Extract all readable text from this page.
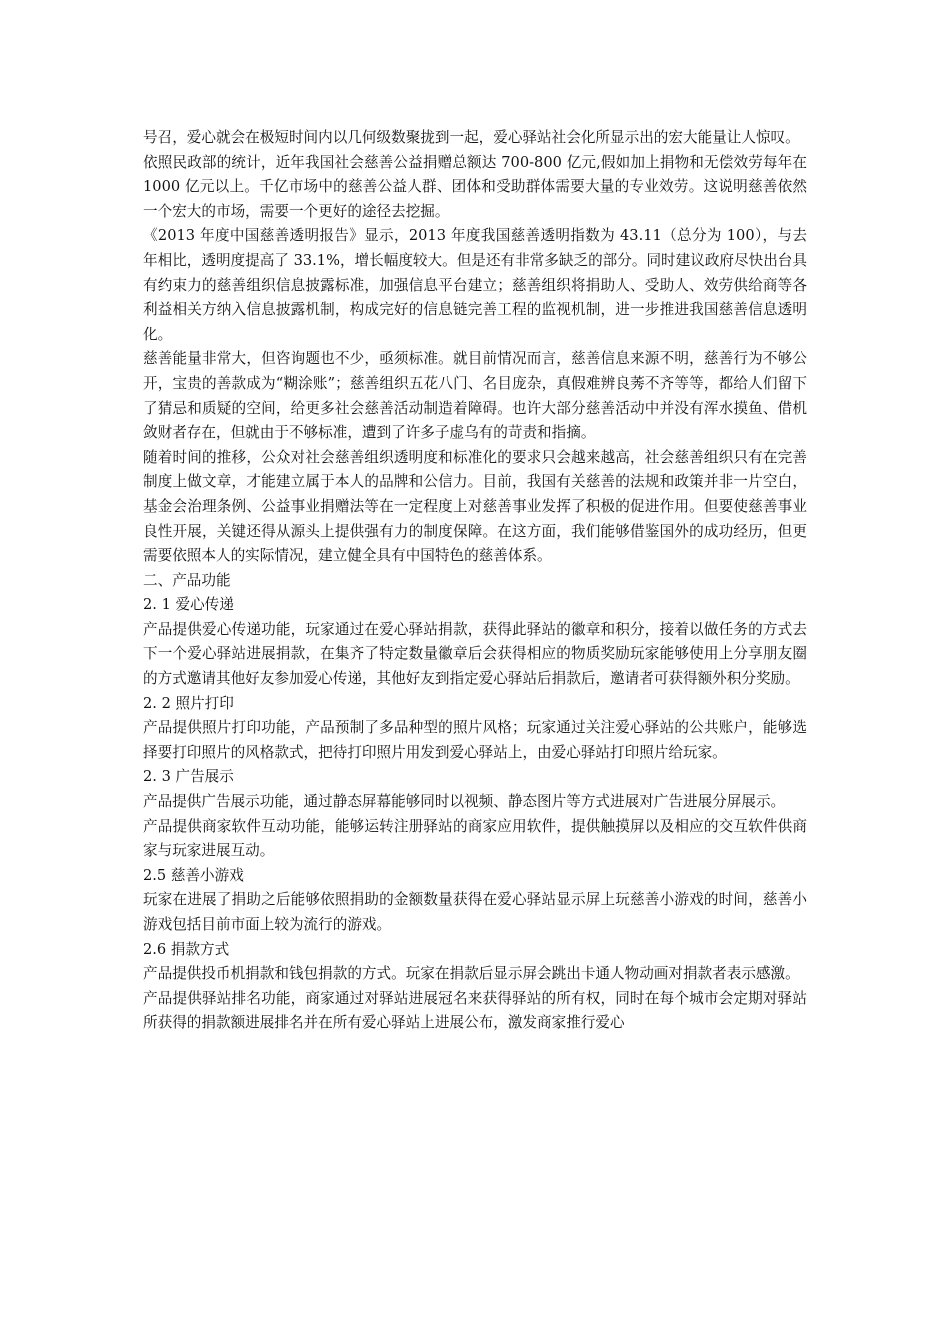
号召，爱心就会在极短时间内以几何级数聚拢到一起，爱心驿站社会化所显示出的宏大能量让人惊叹。

依照民政部的统计，近年我国社会慈善公益捐赠总额达 700-800 亿元,假如加上捐物和无偿效劳每年在 1000 亿元以上。千亿市场中的慈善公益人群、团体和受助群体需要大量的专业效劳。这说明慈善依然一个宏大的市场，需要一个更好的途径去挖掘。

《2013 年度中国慈善透明报告》显示，2013 年度我国慈善透明指数为 43.11（总分为 100），与去年相比，透明度提高了 33.1%，增长幅度较大。但是还有非常多缺乏的部分。同时建议政府尽快出台具有约束力的慈善组织信息披露标准，加强信息平台建立；慈善组织将捐助人、受助人、效劳供给商等各利益相关方纳入信息披露机制，构成完好的信息链完善工程的监视机制，进一步推进我国慈善信息透明化。

慈善能量非常大，但咨询题也不少，亟须标准。就目前情况而言，慈善信息来源不明，慈善行为不够公开，宝贵的善款成为“糊涂账”；慈善组织五花八门、名目庞杂，真假难辨良莠不齐等等，都给人们留下了猜忌和质疑的空间，给更多社会慈善活动制造着障碍。也许大部分慈善活动中并没有浑水摸鱼、借机敛财者存在，但就由于不够标准，遭到了许多子虚乌有的苛责和指摘。

随着时间的推移，公众对社会慈善组织透明度和标准化的要求只会越来越高，社会慈善组织只有在完善制度上做文章，才能建立属于本人的品牌和公信力。目前，我国有关慈善的法规和政策并非一片空白，基金会治理条例、公益事业捐赠法等在一定程度上对慈善事业发挥了积极的促进作用。但要使慈善事业良性开展，关键还得从源头上提供强有力的制度保障。在这方面，我们能够借鉴国外的成功经历，但更需要依照本人的实际情况，建立健全具有中国特色的慈善体系。

二、产品功能

2. 1 爱心传递

产品提供爱心传递功能，玩家通过在爱心驿站捐款，获得此驿站的徽章和积分，接着以做任务的方式去下一个爱心驿站进展捐款，在集齐了特定数量徽章后会获得相应的物质奖励玩家能够使用上分享朋友圈的方式邀请其他好友参加爱心传递，其他好友到指定爱心驿站后捐款后，邀请者可获得额外积分奖励。

2. 2 照片打印

产品提供照片打印功能，产品预制了多品种型的照片风格；玩家通过关注爱心驿站的公共账户，能够选择要打印照片的风格款式，把待打印照片用发到爱心驿站上，由爱心驿站打印照片给玩家。

2. 3 广告展示

产品提供广告展示功能，通过静态屏幕能够同时以视频、静态图片等方式进展对广告进展分屏展示。

产品提供商家软件互动功能，能够运转注册驿站的商家应用软件，提供触摸屏以及相应的交互软件供商家与玩家进展互动。

2.5 慈善小游戏

玩家在进展了捐助之后能够依照捐助的金额数量获得在爱心驿站显示屏上玩慈善小游戏的时间，慈善小游戏包括目前市面上较为流行的游戏。

2.6 捐款方式

产品提供投币机捐款和钱包捐款的方式。玩家在捐款后显示屏会跳出卡通人物动画对捐款者表示感激。

产品提供驿站排名功能，商家通过对驿站进展冠名来获得驿站的所有权，同时在每个城市会定期对驿站所获得的捐款额进展排名并在所有爱心驿站上进展公布，激发商家推行爱心
